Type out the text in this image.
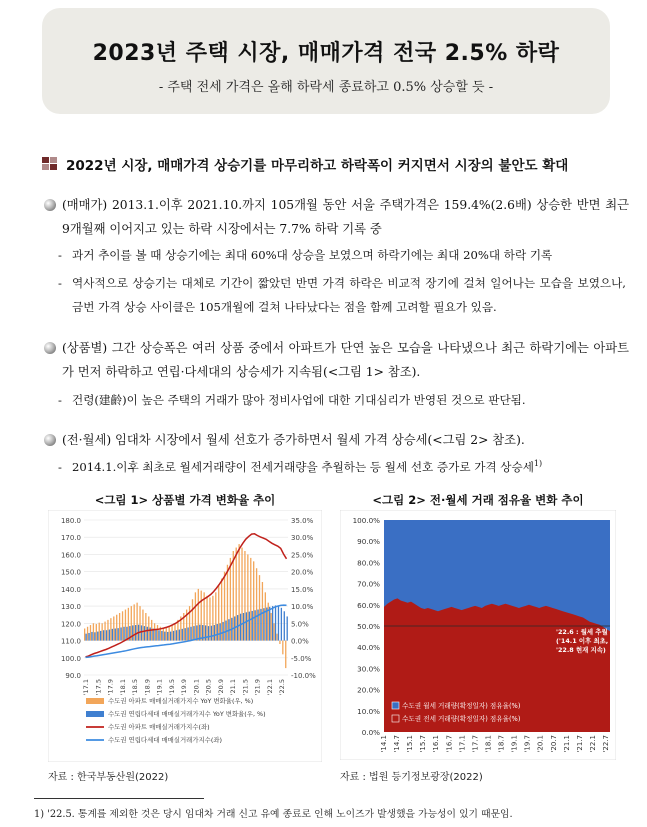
2023년 주택 시장, 매매가격 전국 2.5% 하락
- 주택 전세 가격은 올해 하락세 종료하고 0.5% 상승할 듯 -
2022년 시장, 매매가격 상승기를 마무리하고 하락폭이 커지면서 시장의 불안도 확대
(매매가) 2013.1.이후 2021.10.까지 105개월 동안 서울 주택가격은 159.4%(2.6배) 상승한 반면 최근 9개월째 이어지고 있는 하락 시장에서는 7.7% 하락 기록 중
- 과거 추이를 볼 때 상승기에는 최대 60%대 상승을 보였으며 하락기에는 최대 20%대 하락 기록
- 역사적으로 상승기는 대체로 기간이 짧았던 반면 가격 하락은 비교적 장기에 걸쳐 일어나는 모습을 보였으나, 금번 가격 상승 사이클은 105개월에 걸쳐 나타났다는 점을 함께 고려할 필요가 있음.
(상품별) 그간 상승폭은 여러 상품 중에서 아파트가 단연 높은 모습을 나타냈으나 최근 하락기에는 아파트가 먼저 하락하고 연립·다세대의 상승세가 지속됨(<그림 1> 참조).
- 건령(建齡)이 높은 주택의 거래가 많아 정비사업에 대한 기대심리가 반영된 것으로 판단됨.
(전·월세) 임대차 시장에서 월세 선호가 증가하면서 월세 가격 상승세(<그림 2> 참조).
- 2014.1.이후 최초로 월세거래량이 전세거래량을 추월하는 등 월세 선호 증가로 가격 상승세$^{1)}$
<그림 1> 상품별 가격 변화율 추이	<그림 2> 전·월세 거래 점유율 변화 추이
180.0
170.0
160.0
150.0
140.0
130.0
120.0
110.0
100.0
90.0
35.0%
30.0%
25.0%
20.0%
15.0%
10.0%
5.0%
0.0%
-5.0%
-10.0%
'17.1 '17.5 '17.9 '18.1 '18.5 '18.9 '19.1 '19.5 '19.9 '20.1 '20.5 '20.9 '21.1 '21.5 '21.9 '22.1 '22.5
수도권 아파트 매매실거래가지수 YoY 변화율(우, %)
수도권 연립다세대 매매실거래가지수 YoY 변화율(우, %)
수도권 아파트 매매실거래가지수(좌)
수도권 연립다세대 매매실거래가지수(좌)
100.0%
90.0%
80.0%
70.0%
60.0%
50.0%
40.0%
30.0%
20.0%
10.0%
0.0%
'14.1 '14.7 '15.1 '15.7 '16.1 '16.7 '17.1 '17.7 '18.1 '18.7 '19.1 '19.7 '20.1 '20.7 '21.1 '21.7 '22.1 '22.7
수도권 월세 거래량(확정일자) 점유율(%)
수도권 전세 거래량(확정일자) 점유율(%)
'22.6 : 월세 추월
('14.1 이후 최초,
'22.8 현재 지속)
자료 : 한국부동산원(2022)	자료 : 법원 등기정보광장(2022)
1) '22.5. 통계를 제외한 것은 당시 임대차 거래 신고 유예 종료로 인해 노이즈가 발생했을 가능성이 있기 때문임.
